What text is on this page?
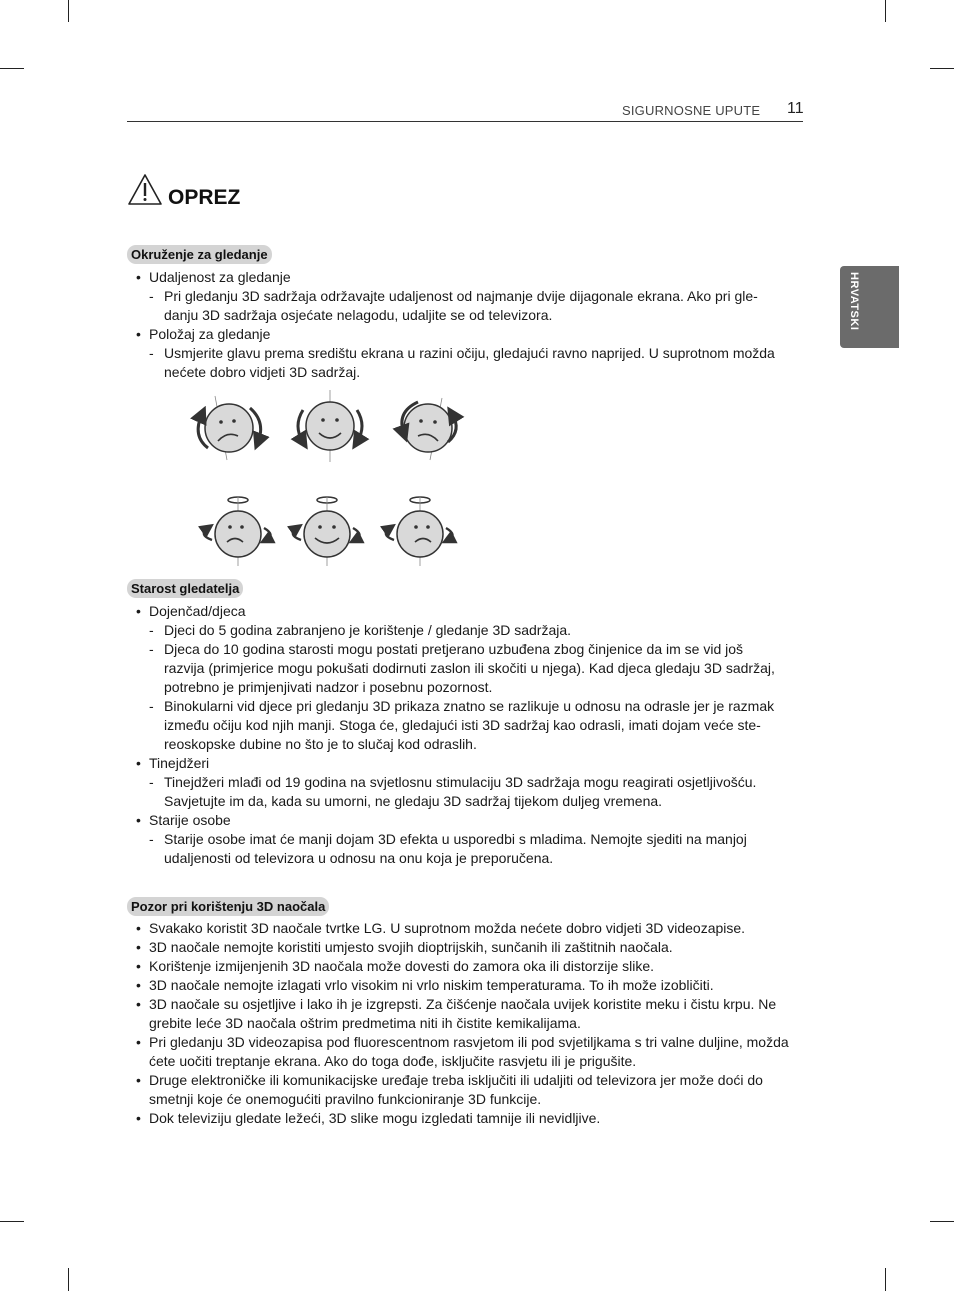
SIGURNOSNE UPUTE 11
HRVATSKI
OPREZ
Okruženje za gledanje
• Udaljenost za gledanje
- Pri gledanju 3D sadržaja održavajte udaljenost od najmanje dvije dijagonale ekrana. Ako pri gle-danju 3D sadržaja osjećate nelagodu, udaljite se od televizora.
• Položaj za gledanje
- Usmjerite glavu prema središtu ekrana u razini očiju, gledajući ravno naprijed. U suprotnom možda nećete dobro vidjeti 3D sadržaj.
Starost gledatelja
• Dojenčad/djeca
- Djeci do 5 godina zabranjeno je korištenje / gledanje 3D sadržaja.
- Djeca do 10 godina starosti mogu postati pretjerano uzbuđena zbog činjenice da im se vid još razvija (primjerice mogu pokušati dodirnuti zaslon ili skočiti u njega). Kad djeca gledaju 3D sadržaj, potrebno je primjenjivati nadzor i posebnu pozornost.
- Binokularni vid djece pri gledanju 3D prikaza znatno se razlikuje u odnosu na odrasle jer je razmak između očiju kod njih manji. Stoga će, gledajući isti 3D sadržaj kao odrasli, imati dojam veće ste-reoskopske dubine no što je to slučaj kod odraslih.
• Tinejdžeri
- Tinejdžeri mlađi od 19 godina na svjetlosnu stimulaciju 3D sadržaja mogu reagirati osjetljivošću. Savjetujte im da, kada su umorni, ne gledaju 3D sadržaj tijekom duljeg vremena.
• Starije osobe
- Starije osobe imat će manji dojam 3D efekta u usporedbi s mladima. Nemojte sjediti na manjoj udaljenosti od televizora u odnosu na onu koja je preporučena.
Pozor pri korištenju 3D naočala
• Svakako koristit 3D naočale tvrtke LG. U suprotnom možda nećete dobro vidjeti 3D videozapise.
• 3D naočale nemojte koristiti umjesto svojih dioptrijskih, sunčanih ili zaštitnih naočala.
• Korištenje izmijenjenih 3D naočala može dovesti do zamora oka ili distorzije slike.
• 3D naočale nemojte izlagati vrlo visokim ni vrlo niskim temperaturama. To ih može izobličiti.
• 3D naočale su osjetljive i lako ih je izgrepsti. Za čišćenje naočala uvijek koristite meku i čistu krpu. Ne grebite leće 3D naočala oštrim predmetima niti ih čistite kemikalijama.
• Pri gledanju 3D videozapisa pod fluorescentnom rasvjetom ili pod svjetiljkama s tri valne duljine, možda ćete uočiti treptanje ekrana. Ako do toga dođe, isključite rasvjetu ili je prigušite.
• Druge elektroničke ili komunikacijske uređaje treba isključiti ili udaljiti od televizora jer može doći do smetnji koje će onemogućiti pravilno funkcioniranje 3D funkcije.
• Dok televiziju gledate ležeći, 3D slike mogu izgledati tamnije ili nevidljive.
